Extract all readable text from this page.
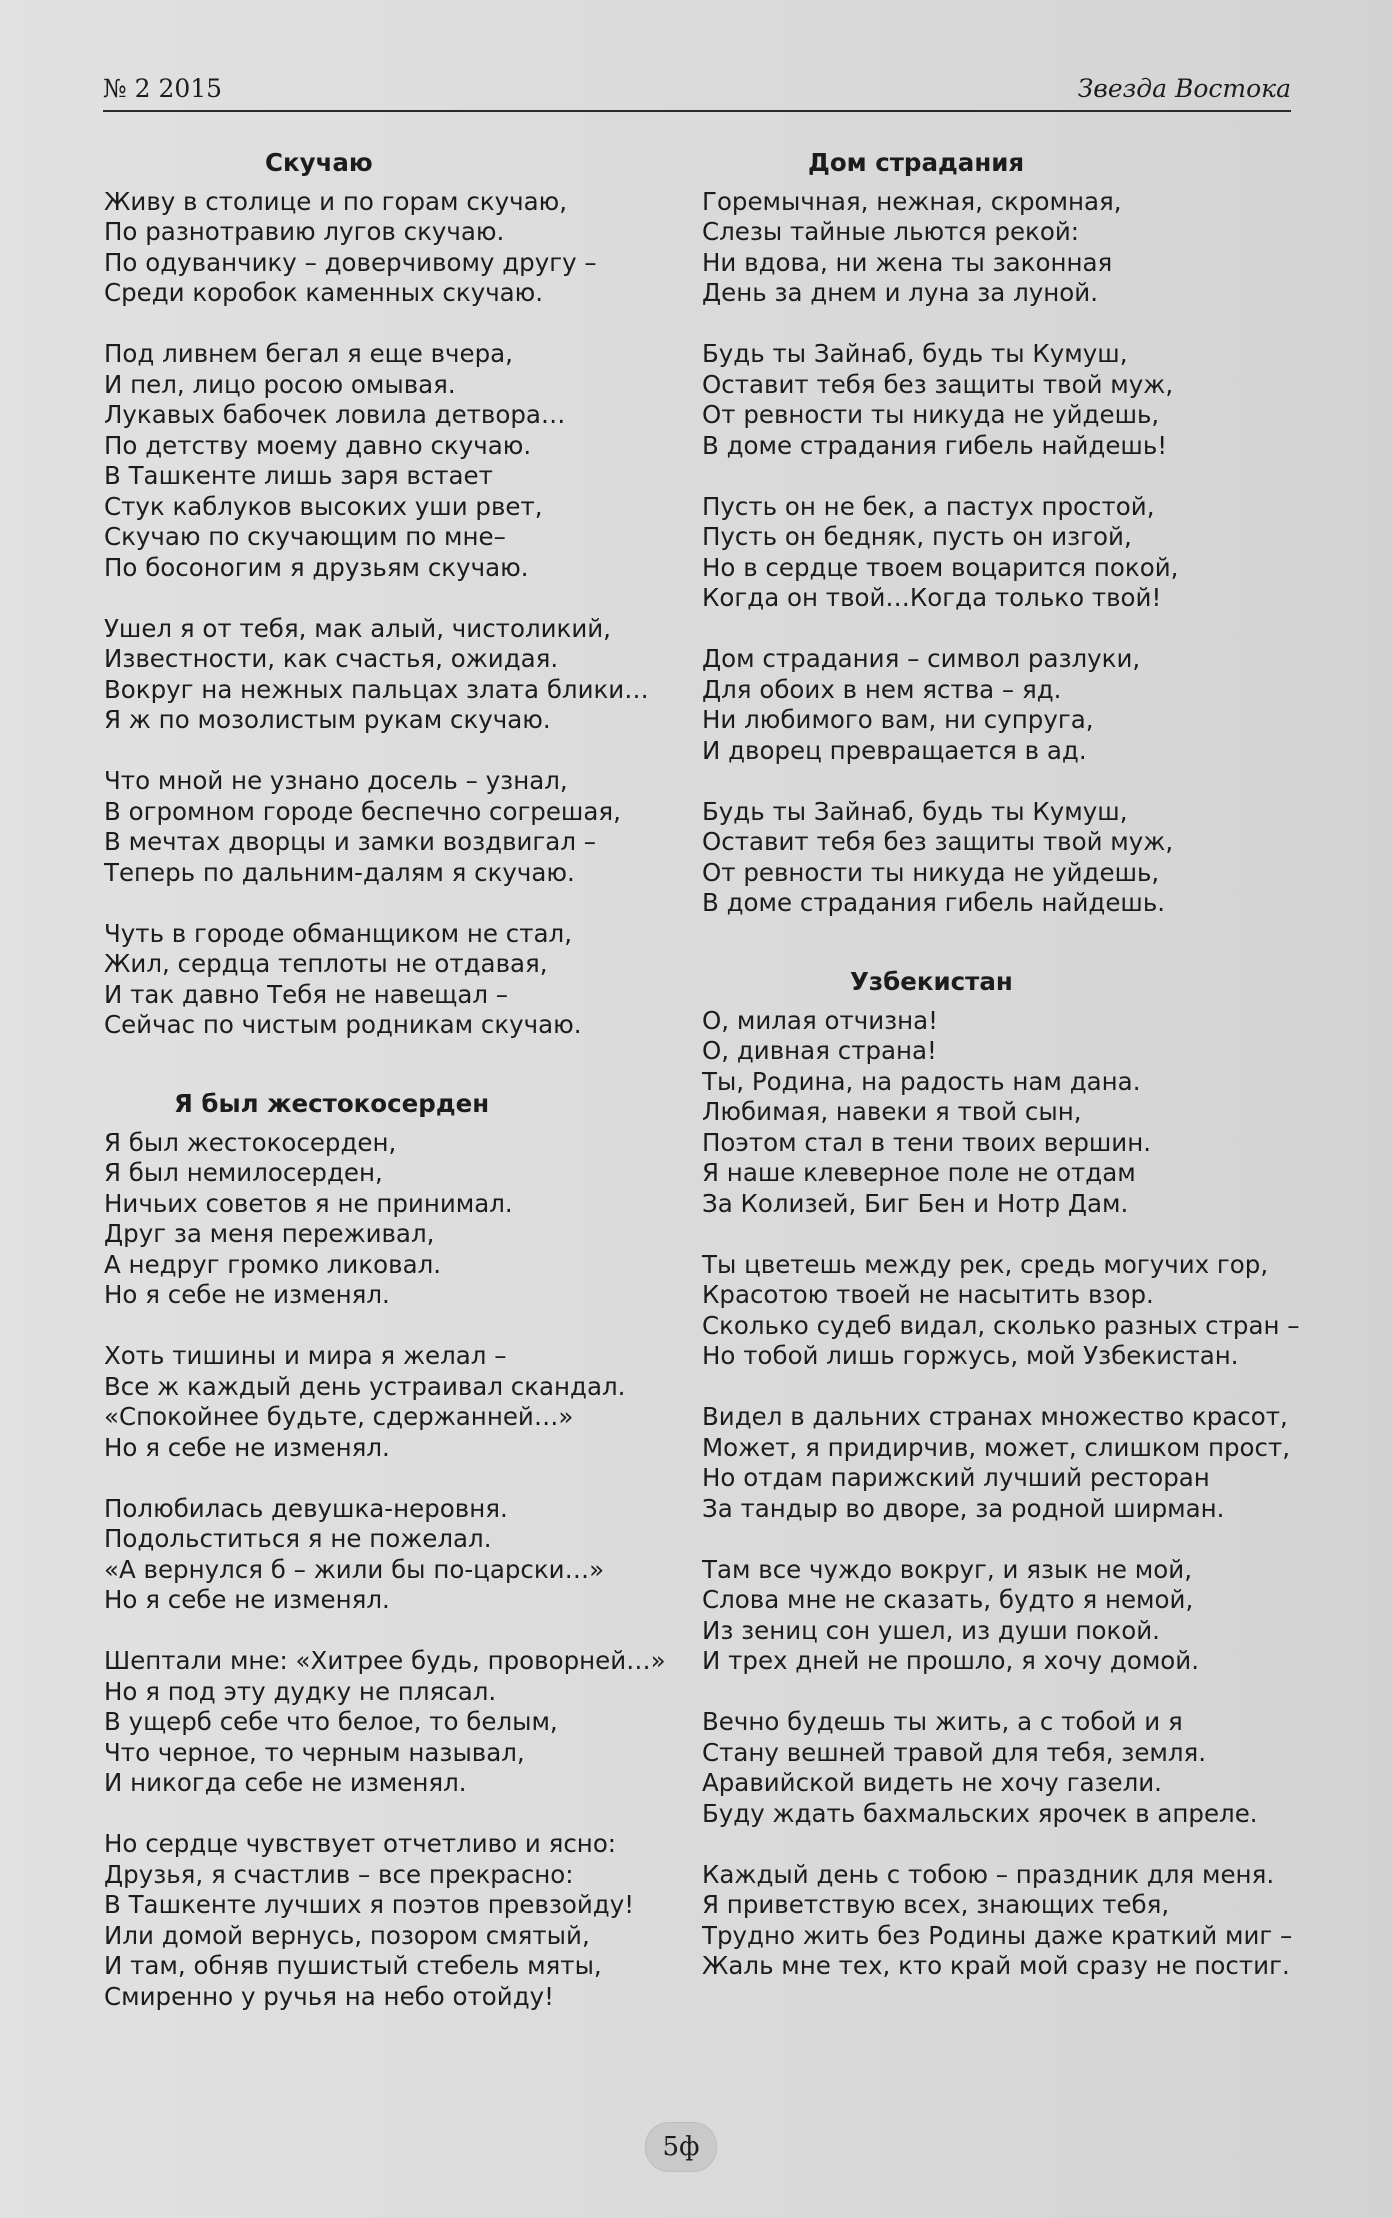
№ 2 2015	Звезда Востока
Скучаю
Живу в столице и по горам скучаю,
По разнотравию лугов скучаю.
По одуванчику – доверчивому другу –
Среди коробок каменных скучаю.
Под ливнем бегал я еще вчера,
И пел, лицо росою омывая.
Лукавых бабочек ловила детвора…
По детству моему давно скучаю.
В Ташкенте лишь заря встает
Стук каблуков высоких уши рвет,
Скучаю по скучающим по мне–
По босоногим я друзьям скучаю.
Ушел я от тебя, мак алый, чистоликий,
Известности, как счастья, ожидая.
Вокруг на нежных пальцах злата блики…
Я ж по мозолистым рукам скучаю.
Что мной не узнано досель – узнал,
В огромном городе беспечно согрешая,
В мечтах дворцы и замки воздвигал –
Теперь по дальним-далям я скучаю.
Чуть в городе обманщиком не стал,
Жил, сердца теплоты не отдавая,
И так давно Тебя не навещал –
Сейчас по чистым родникам скучаю.
Я был жестокосерден
Я был жестокосерден,
Я был немилосерден,
Ничьих советов я не принимал.
Друг за меня переживал,
А недруг громко ликовал.
Но я себе не изменял.
Хоть тишины и мира я желал –
Все ж каждый день устраивал скандал.
«Спокойнее будьте, сдержанней…»
Но я себе не изменял.
Полюбилась девушка-неровня.
Подольститься я не пожелал.
«А вернулся б – жили бы по-царски…»
Но я себе не изменял.
Шептали мне: «Хитрее будь, проворней…»
Но я под эту дудку не плясал.
В ущерб себе что белое, то белым,
Что черное, то черным называл,
И никогда себе не изменял.
Но сердце чувствует отчетливо и ясно:
Друзья, я счастлив – все прекрасно:
В Ташкенте лучших я поэтов превзойду!
Или домой вернусь, позором смятый,
И там, обняв пушистый стебель мяты,
Смиренно у ручья на небо отойду!
Дом страдания
Горемычная, нежная, скромная,
Слезы тайные льются рекой:
Ни вдова, ни жена ты законная
День за днем и луна за луной.
Будь ты Зайнаб, будь ты Кумуш,
Оставит тебя без защиты твой муж,
От ревности ты никуда не уйдешь,
В доме страдания гибель найдешь!
Пусть он не бек, а пастух простой,
Пусть он бедняк, пусть он изгой,
Но в сердце твоем воцарится покой,
Когда он твой…Когда только твой!
Дом страдания – символ разлуки,
Для обоих в нем яства – яд.
Ни любимого вам, ни супруга,
И дворец превращается в ад.
Будь ты Зайнаб, будь ты Кумуш,
Оставит тебя без защиты твой муж,
От ревности ты никуда не уйдешь,
В доме страдания гибель найдешь.
Узбекистан
О, милая отчизна!
О, дивная страна!
Ты, Родина, на радость нам дана.
Любимая, навеки я твой сын,
Поэтом стал в тени твоих вершин.
Я наше клеверное поле не отдам
За Колизей, Биг Бен и Нотр Дам.
Ты цветешь между рек, средь могучих гор,
Красотою твоей не насытить взор.
Сколько судеб видал, сколько разных стран –
Но тобой лишь горжусь, мой Узбекистан.
Видел в дальних странах множество красот,
Может, я придирчив, может, слишком прост,
Но отдам парижский лучший ресторан
За тандыр во дворе, за родной ширман.
Там все чуждо вокруг, и язык не мой,
Слова мне не сказать, будто я немой,
Из зениц сон ушел, из души покой.
И трех дней не прошло, я хочу домой.
Вечно будешь ты жить, а с тобой и я
Стану вешней травой для тебя, земля.
Аравийской видеть не хочу газели.
Буду ждать бахмальских ярочек в апреле.
Каждый день с тобою – праздник для меня.
Я приветствую всех, знающих тебя,
Трудно жить без Родины даже краткий миг –
Жаль мне тех, кто край мой сразу не постиг.
5ф
